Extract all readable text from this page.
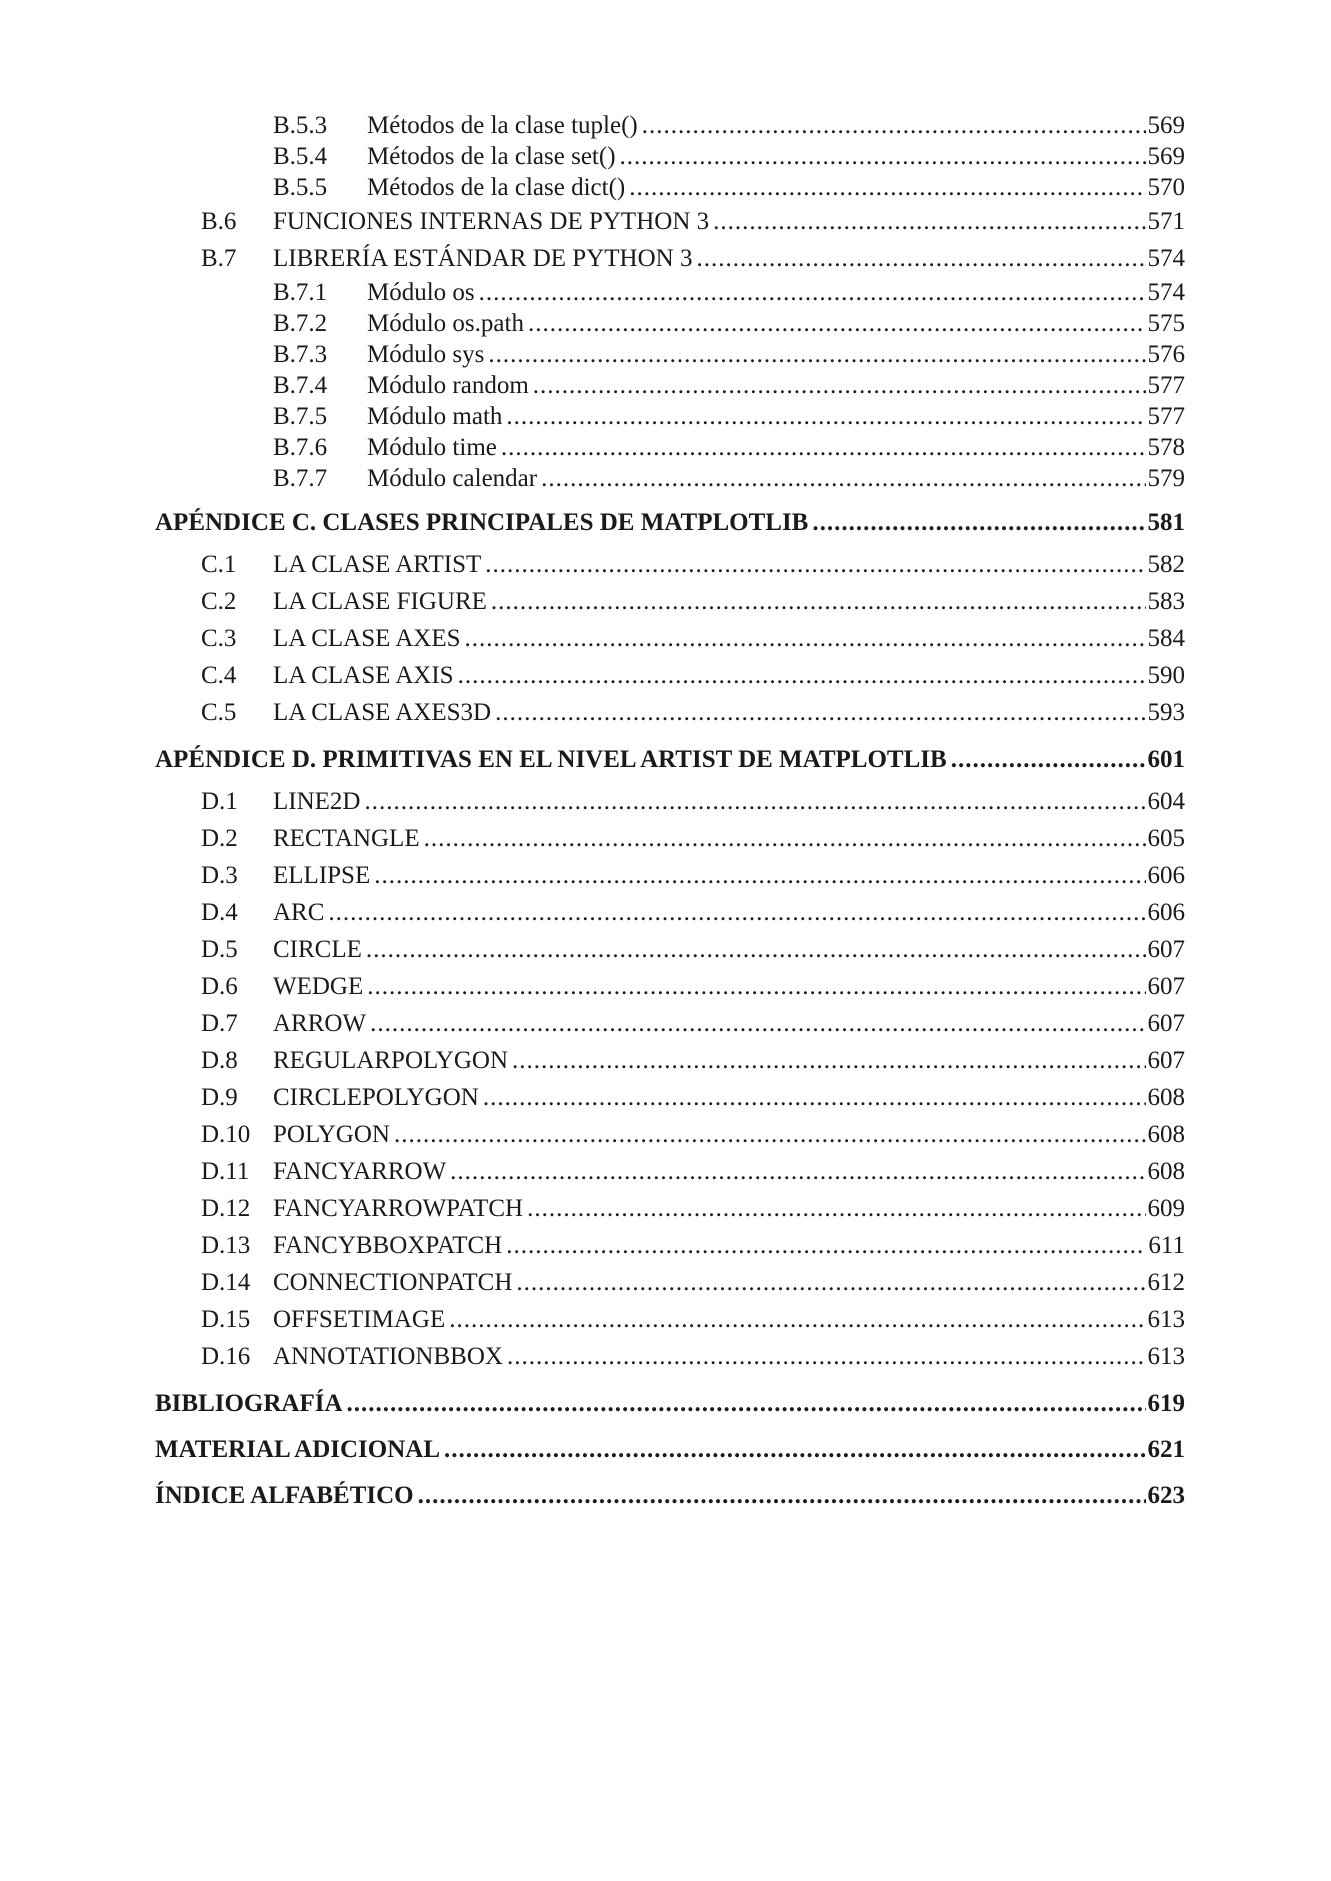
B.5.3	Métodos de la clase tuple() .....	569
B.5.4	Métodos de la clase set() .....	569
B.5.5	Métodos de la clase dict() .....	570
B.6	FUNCIONES INTERNAS DE PYTHON 3 .....	571
B.7	LIBRERÍA ESTÁNDAR DE PYTHON 3 .....	574
B.7.1	Módulo os .....	574
B.7.2	Módulo os.path .....	575
B.7.3	Módulo sys .....	576
B.7.4	Módulo random .....	577
B.7.5	Módulo math .....	577
B.7.6	Módulo time .....	578
B.7.7	Módulo calendar .....	579
APÉNDICE C. CLASES PRINCIPALES DE MATPLOTLIB .....	581
C.1	LA CLASE ARTIST .....	582
C.2	LA CLASE FIGURE .....	583
C.3	LA CLASE AXES .....	584
C.4	LA CLASE AXIS .....	590
C.5	LA CLASE AXES3D .....	593
APÉNDICE D. PRIMITIVAS EN EL NIVEL ARTIST DE MATPLOTLIB .....	601
D.1	LINE2D .....	604
D.2	RECTANGLE .....	605
D.3	ELLIPSE .....	606
D.4	ARC .....	606
D.5	CIRCLE .....	607
D.6	WEDGE .....	607
D.7	ARROW .....	607
D.8	REGULARPOLYGON .....	607
D.9	CIRCLEPOLYGON .....	608
D.10 POLYGON .....	608
D.11 FANCYARROW .....	608
D.12 FANCYARROWPATCH .....	609
D.13 FANCYBBOXPATCH .....	611
D.14 CONNECTIONPATCH .....	612
D.15 OFFSETIMAGE .....	613
D.16 ANNOTATIONBBOX .....	613
BIBLIOGRAFÍA .....	619
MATERIAL ADICIONAL .....	621
ÍNDICE ALFABÉTICO .....	623
